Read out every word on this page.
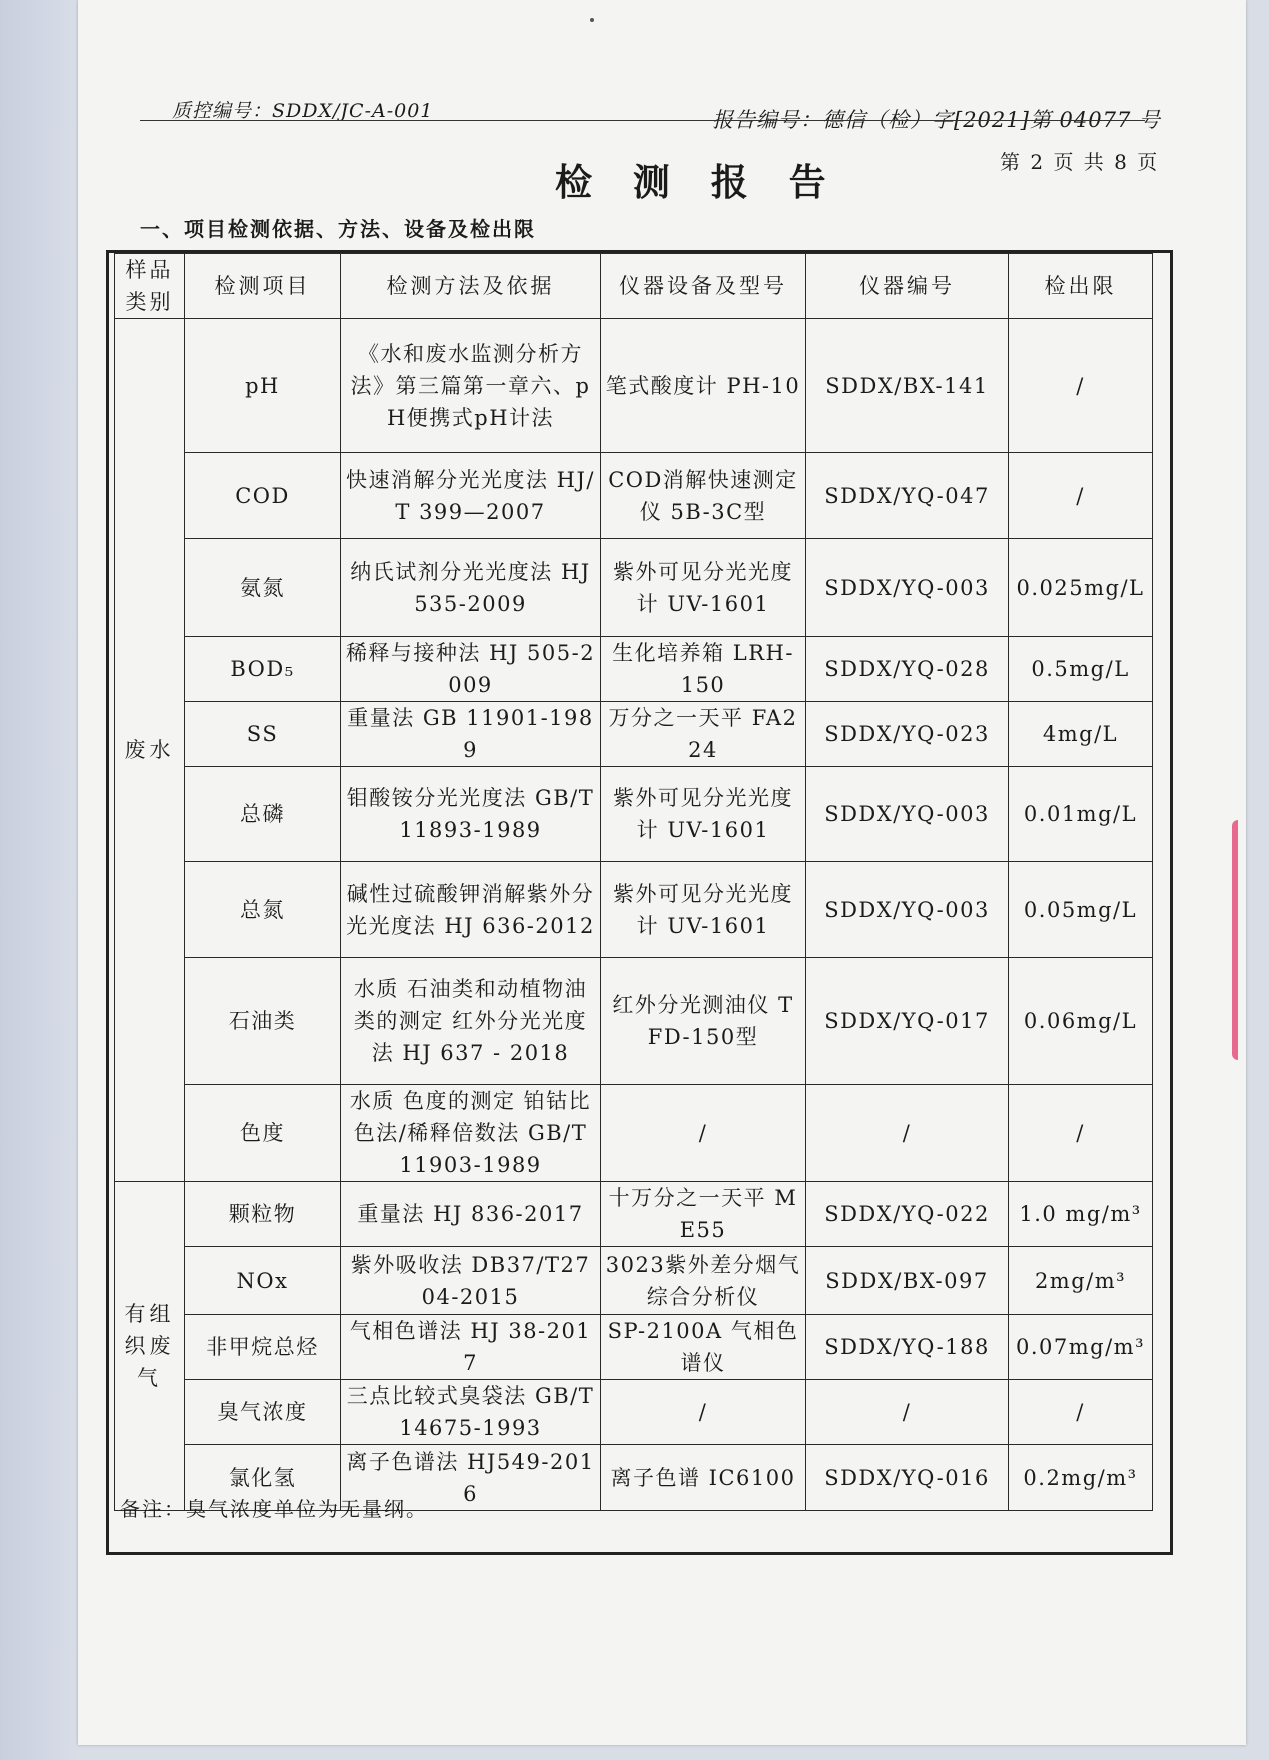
质控编号：SDDX/JC-A-001	报告编号：德信（检）字[2021]第 04077 号
检 测 报 告	第 2 页 共 8 页
一、项目检测依据、方法、设备及检出限
样品类别	检测项目	检测方法及依据	仪器设备及型号	仪器编号	检出限
废水	pH	《水和废水监测分析方法》第三篇第一章六、pH便携式pH计法	笔式酸度计 PH-10	SDDX/BX-141	/
	COD	快速消解分光光度法 HJ/T 399—2007	COD消解快速测定仪 5B-3C型	SDDX/YQ-047	/
	氨氮	纳氏试剂分光光度法 HJ 535-2009	紫外可见分光光度计 UV-1601	SDDX/YQ-003	0.025mg/L
	BOD₅	稀释与接种法 HJ 505-2009	生化培养箱 LRH-150	SDDX/YQ-028	0.5mg/L
	SS	重量法 GB 11901-1989	万分之一天平 FA224	SDDX/YQ-023	4mg/L
	总磷	钼酸铵分光光度法 GB/T 11893-1989	紫外可见分光光度计 UV-1601	SDDX/YQ-003	0.01mg/L
	总氮	碱性过硫酸钾消解紫外分光光度法 HJ 636-2012	紫外可见分光光度计 UV-1601	SDDX/YQ-003	0.05mg/L
	石油类	水质 石油类和动植物油类的测定 红外分光光度法 HJ 637 - 2018	红外分光测油仪 TFD-150型	SDDX/YQ-017	0.06mg/L
	色度	水质 色度的测定 铂钴比色法/稀释倍数法 GB/T 11903-1989	/	/	/
有组织废气	颗粒物	重量法 HJ 836-2017	十万分之一天平 ME55	SDDX/YQ-022	1.0 mg/m³
	NOx	紫外吸收法 DB37/T2704-2015	3023紫外差分烟气综合分析仪	SDDX/BX-097	2mg/m³
	非甲烷总烃	气相色谱法 HJ 38-2017	SP-2100A 气相色谱仪	SDDX/YQ-188	0.07mg/m³
	臭气浓度	三点比较式臭袋法 GB/T 14675-1993	/	/	/
	氯化氢	离子色谱法 HJ549-2016	离子色谱 IC6100	SDDX/YQ-016	0.2mg/m³
备注：臭气浓度单位为无量纲。
